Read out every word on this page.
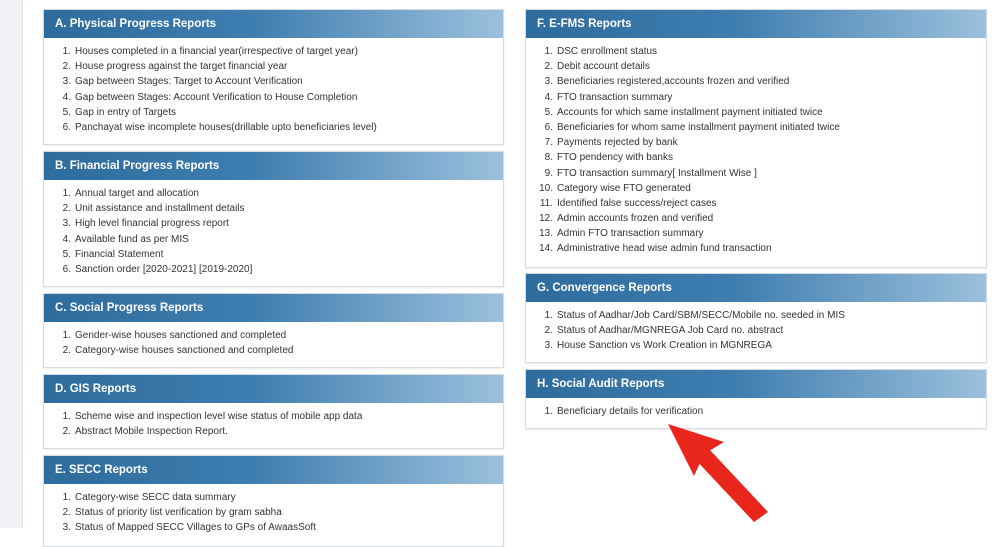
A. Physical Progress Reports
1 . Houses completed in a financial year(irrespective of target year)
2 . House progress against the target financial year
3 . Gap between Stages: Target to Account Verification
4 . Gap between Stages: Account Verification to House Completion
5 . Gap in entry of Targets
6 . Panchayat wise incomplete houses(drillable upto beneficiaries level)
B. Financial Progress Reports
1 . Annual target and allocation
2 . Unit assistance and installment details
3 . High level financial progress report
4 . Available fund as per MIS
5 . Financial Statement
6 . Sanction order [2020-2021] [2019-2020]
C. Social Progress Reports
1 . Gender-wise houses sanctioned and completed
2 . Category-wise houses sanctioned and completed
D. GIS Reports
1 . Scheme wise and inspection level wise status of mobile app data
2 . Abstract Mobile Inspection Report.
E. SECC Reports
1 . Category-wise SECC data summary
2 . Status of priority list verification by gram sabha
3 . Status of Mapped SECC Villages to GPs of AwaasSoft
F. E-FMS Reports
1 . DSC enrollment status
2 . Debit account details
3 . Beneficiaries registered,accounts frozen and verified
4 . FTO transaction summary
5 . Accounts for which same installment payment initiated twice
6 . Beneficiaries for whom same installment payment initiated twice
7 . Payments rejected by bank
8 . FTO pendency with banks
9 . FTO transaction summary[ Installment Wise ]
10 . Category wise FTO generated
11 . Identified false success/reject cases
12 . Admin accounts frozen and verified
13 . Admin FTO transaction summary
14 . Administrative head wise admin fund transaction
G. Convergence Reports
1 . Status of Aadhar/Job Card/SBM/SECC/Mobile no. seeded in MIS
2 . Status of Aadhar/MGNREGA Job Card no. abstract
3 . House Sanction vs Work Creation in MGNREGA
H. Social Audit Reports
1 . Beneficiary details for verification
